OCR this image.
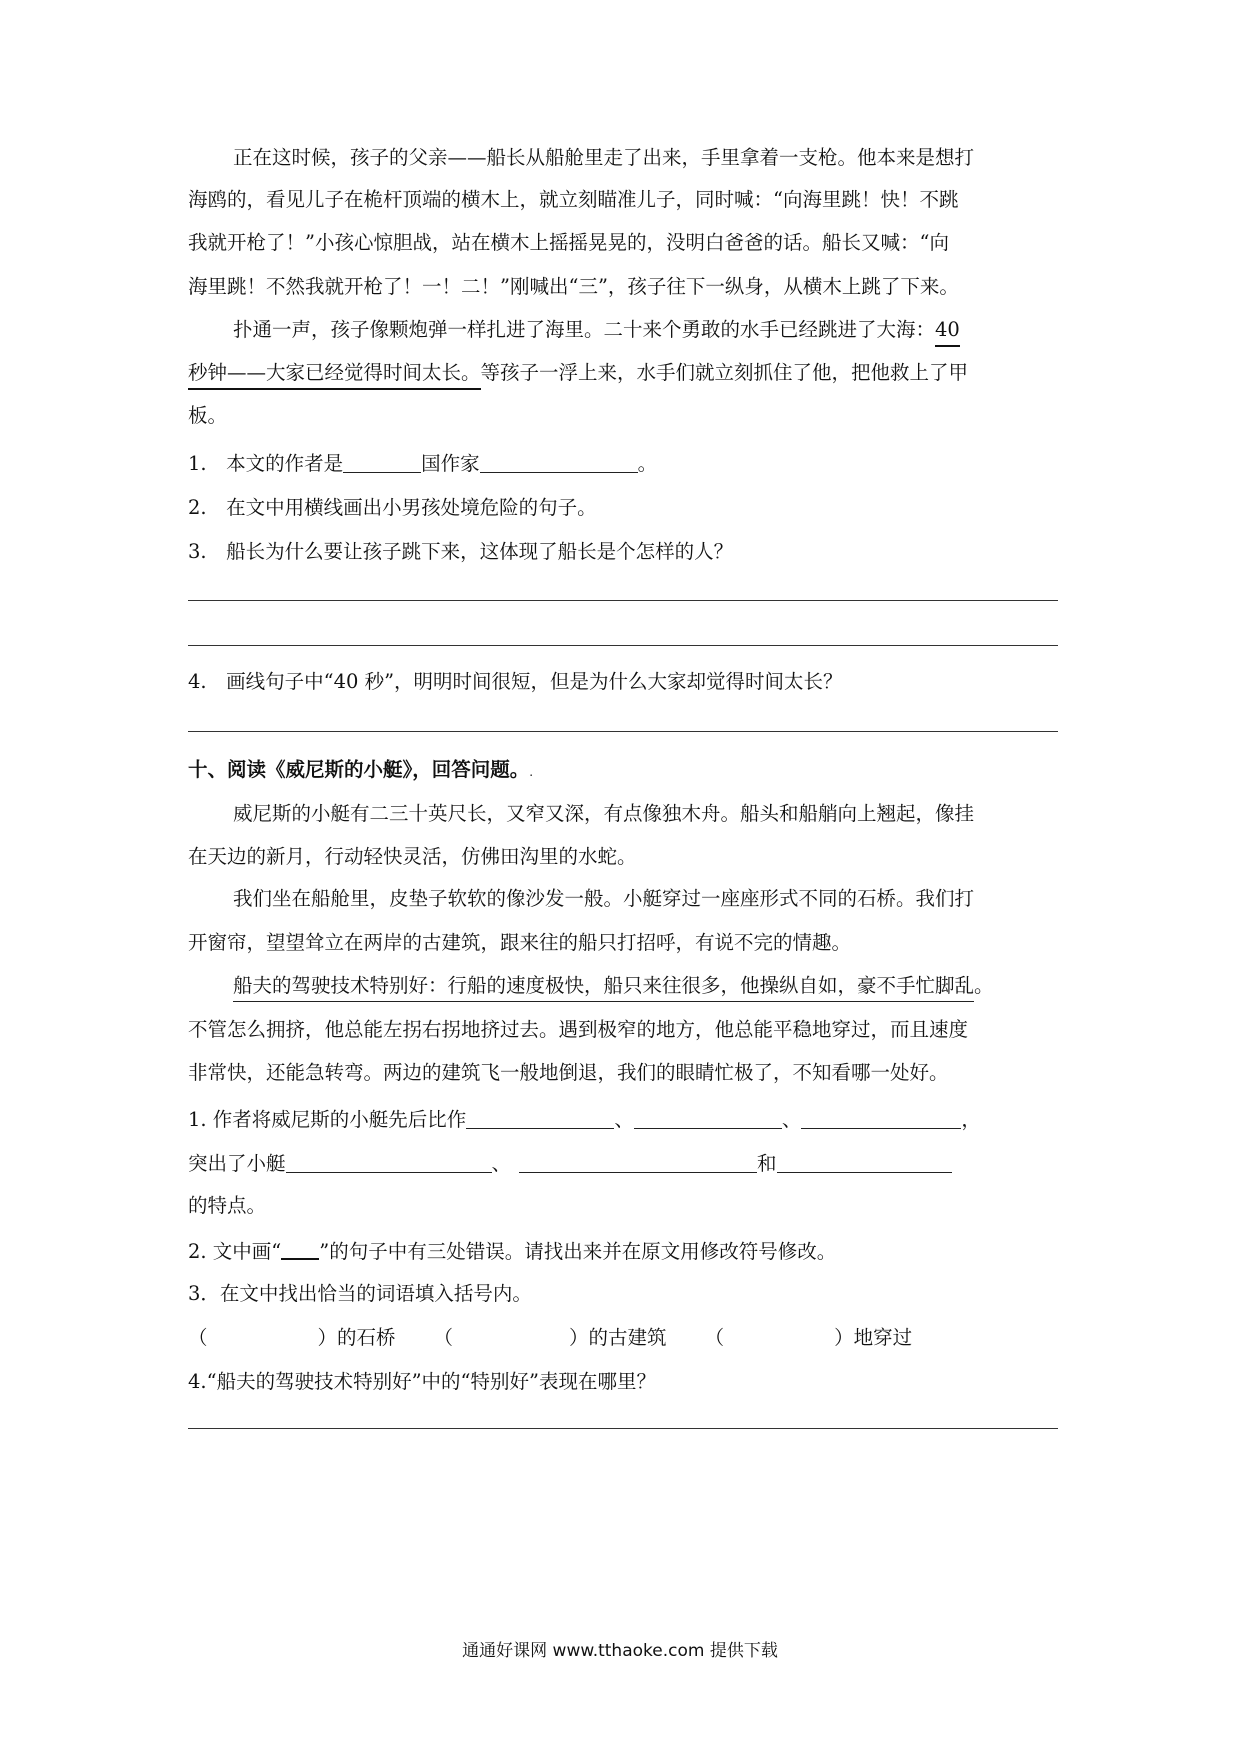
正在这时候，孩子的父亲——船长从船舱里走了出来，手里拿着一支枪。他本来是想打
海鸥的，看见儿子在桅杆顶端的横木上，就立刻瞄准儿子，同时喊：“向海里跳！快！不跳
我就开枪了！”小孩心惊胆战，站在横木上摇摇晃晃的，没明白爸爸的话。船长又喊：“向
海里跳！不然我就开枪了！一！二！”刚喊出“三”，孩子往下一纵身，从横木上跳了下来。
扑通一声，孩子像颗炮弹一样扎进了海里。二十来个勇敢的水手已经跳进了大海：40
秒钟——大家已经觉得时间太长。等孩子一浮上来，水手们就立刻抓住了他，把他救上了甲
板。
1.　本文的作者是	国作家	。
2.　在文中用横线画出小男孩处境危险的句子。
3.　船长为什么要让孩子跳下来，这体现了船长是个怎样的人？
4.　画线句子中“40 秒”，明明时间很短，但是为什么大家却觉得时间太长？
十、阅读《威尼斯的小艇》，回答问题。.
威尼斯的小艇有二三十英尺长，又窄又深，有点像独木舟。船头和船艄向上翘起，像挂
在天边的新月，行动轻快灵活，仿佛田沟里的水蛇。
我们坐在船舱里，皮垫子软软的像沙发一般。小艇穿过一座座形式不同的石桥。我们打
开窗帘，望望耸立在两岸的古建筑，跟来往的船只打招呼，有说不完的情趣。
船夫的驾驶技术特别好：行船的速度极快，船只来往很多，他操纵自如，豪不手忙脚乱。
不管怎么拥挤，他总能左拐右拐地挤过去。遇到极窄的地方，他总能平稳地穿过，而且速度
非常快，还能急转弯。两边的建筑飞一般地倒退，我们的眼睛忙极了，不知看哪一处好。
1. 作者将威尼斯的小艇先后比作	、	、	，
突出了小艇	、	和
的特点。
2. 文中画“ ”的句子中有三处错误。请找出来并在原文用修改符号修改。
3．在文中找出恰当的词语填入括号内。
（	）的石桥 （	）的古建筑 （	）地穿过
4.“船夫的驾驶技术特别好”中的“特别好”表现在哪里？
通通好课网 www.tthaoke.com 提供下载
